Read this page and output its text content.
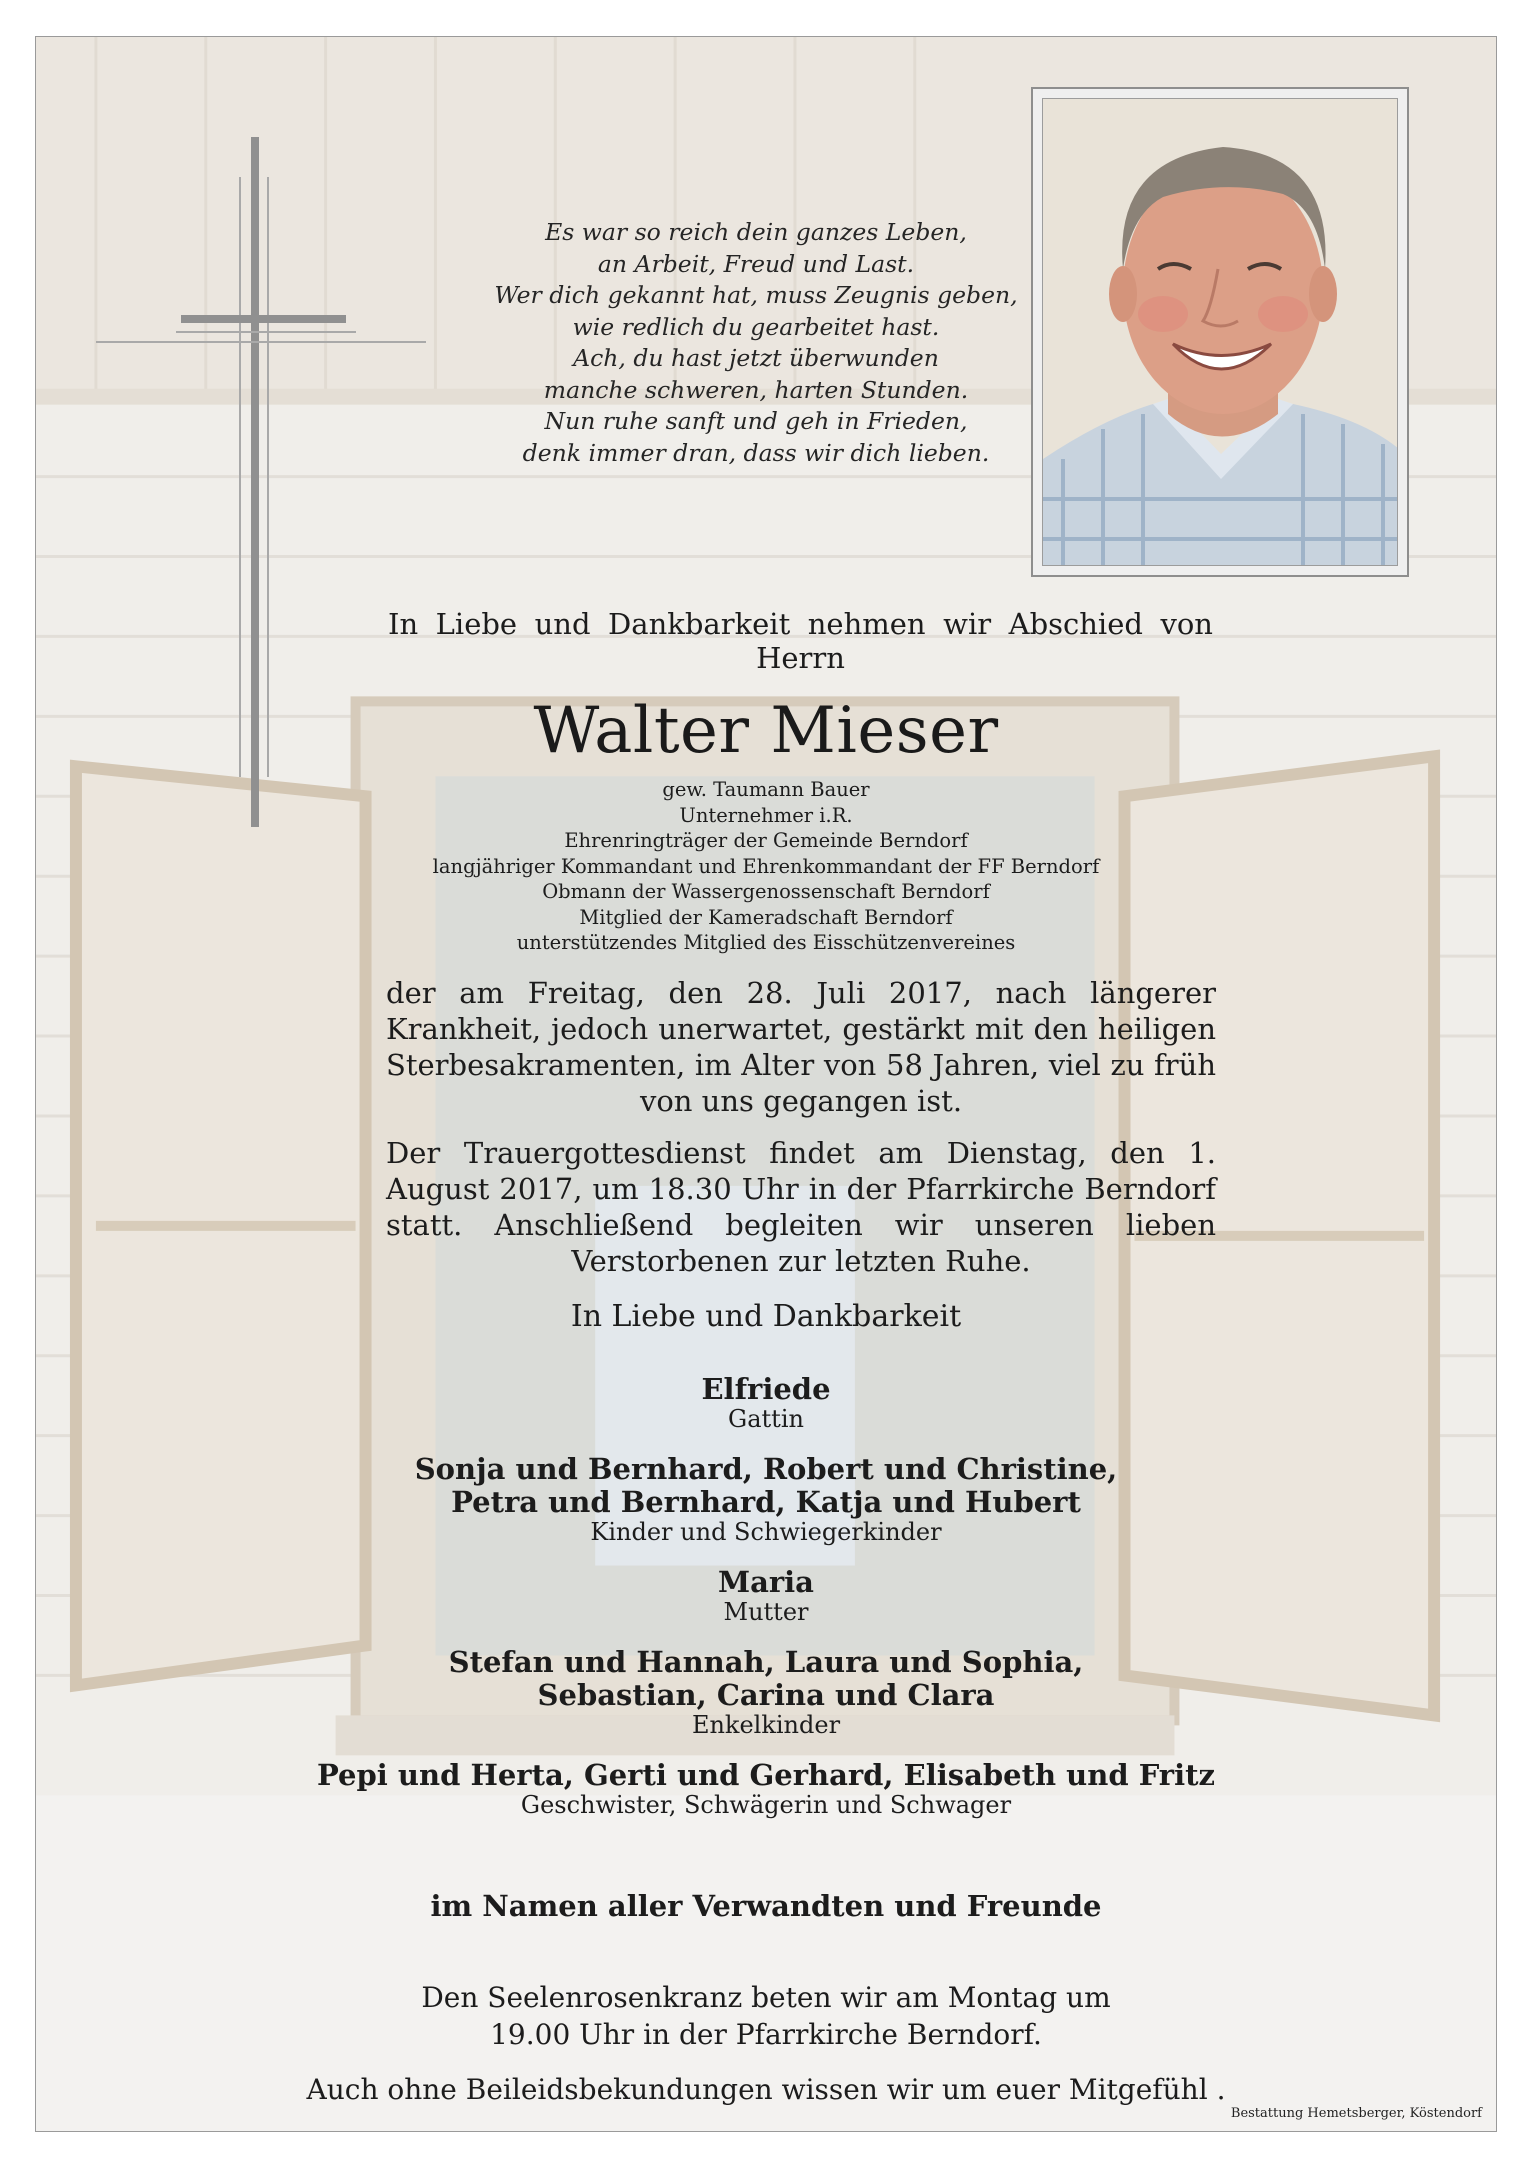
Es war so reich dein ganzes Leben,
an Arbeit, Freud und Last.
Wer dich gekannt hat, muss Zeugnis geben,
wie redlich du gearbeitet hast.
Ach, du hast jetzt überwunden
manche schweren, harten Stunden.
Nun ruhe sanft und geh in Frieden,
denk immer dran, dass wir dich lieben.
In Liebe und Dankbarkeit nehmen wir Abschied von Herrn
Walter Mieser
gew. Taumann Bauer
Unternehmer i.R.
Ehrenringträger der Gemeinde Berndorf
langjähriger Kommandant und Ehrenkommandant der FF Berndorf
Obmann der Wassergenossenschaft Berndorf
Mitglied der Kameradschaft Berndorf
unterstützendes Mitglied des Eisschützenvereines
der am Freitag, den 28. Juli 2017, nach längerer Krankheit, jedoch unerwartet, gestärkt mit den heiligen Sterbesakramenten, im Alter von 58 Jahren, viel zu früh von uns gegangen ist.
Der Trauergottesdienst findet am Dienstag, den 1. August 2017, um 18.30 Uhr in der Pfarrkirche Berndorf statt. Anschließend begleiten wir unseren lieben Verstorbenen zur letzten Ruhe.
In Liebe und Dankbarkeit
Elfriede
Gattin
Sonja und Bernhard, Robert und Christine,
Petra und Bernhard, Katja und Hubert
Kinder und Schwiegerkinder
Maria
Mutter
Stefan und Hannah, Laura und Sophia,
Sebastian, Carina und Clara
Enkelkinder
Pepi und Herta, Gerti und Gerhard, Elisabeth und Fritz
Geschwister, Schwägerin und Schwager
im Namen aller Verwandten und Freunde
Den Seelenrosenkranz beten wir am Montag um
19.00 Uhr in der Pfarrkirche Berndorf.
Auch ohne Beileidsbekundungen wissen wir um euer Mitgefühl .
Bestattung Hemetsberger, Köstendorf
